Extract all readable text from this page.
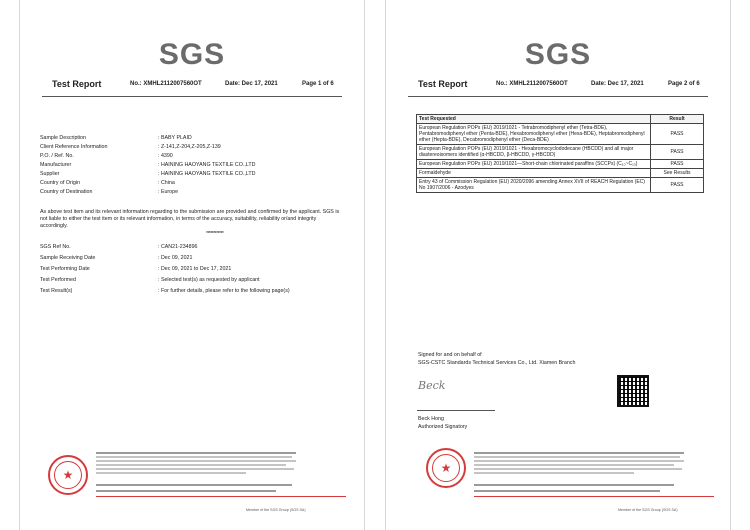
SGS
Test Report	No.: XMHL2112007560OT	Date: Dec 17, 2021	Page 1 of 6
Sample Description	: BABY PLAID
Client Reference Information	: Z-141,Z-204,Z-205,Z-139
P.O. / Ref. No.	: 4390
Manufacturer	: HAINING HAOYANG TEXTILE CO.,LTD
Supplier	: HAINING HAOYANG TEXTILE CO.,LTD
Country of Origin	: China
Country of Destination	: Europe
As above test item and its relevant information regarding to the submission are provided and confirmed by the applicant. SGS is not liable to either the test item or its relevant information, in terms of the accuracy, suitability, reliability or/and integrity accordingly.
************
SGS Ref No.	: CAN21-234896
Sample Receiving Date	: Dec 09, 2021
Test Performing Date	: Dec 09, 2021 to Dec 17, 2021
Test Performed	: Selected test(s) as requested by applicant
Test Result(s)	: For further details, please refer to the following page(s)
★
Member of the SGS Group (SGS SA)
SGS
Test Report	No.: XMHL2112007560OT	Date: Dec 17, 2021	Page 2 of 6
Test Requested	Result
European Regulation POPs (EU) 2019/1021 - Tetrabromodiphenyl ether (Tetra-BDE), Pentabromodiphenyl ether (Penta-BDE), Hexabromodiphenyl ether (Hexa-BDE), Heptabromodiphenyl ether (Hepta-BDE), Decabromodiphenyl ether (Deca-BDE)	PASS
European Regulation POPs (EU) 2019/1021 - Hexabromocyclododecane (HBCDD) and all major diastereoisomers identified (α-HBCDD, β-HBCDD, γ-HBCDD)	PASS
European Regulation POPs (EU) 2019/1021—Short-chain chlorinated paraffins (SCCPs) (C₁₀~C₁₃)	PASS
Formaldehyde	See Results
Entry 43 of Commission Regulation (EU) 2020/2096 amending Annex XVII of REACH Regulation (EC) No 1907/2006 - Azodyes	PASS
Signed for and on behalf of
SGS-CSTC Standards Technical Services Co., Ltd. Xiamen Branch
Beck
Beck Hong
Authorized Signatory
★
Member of the SGS Group (SGS SA)
